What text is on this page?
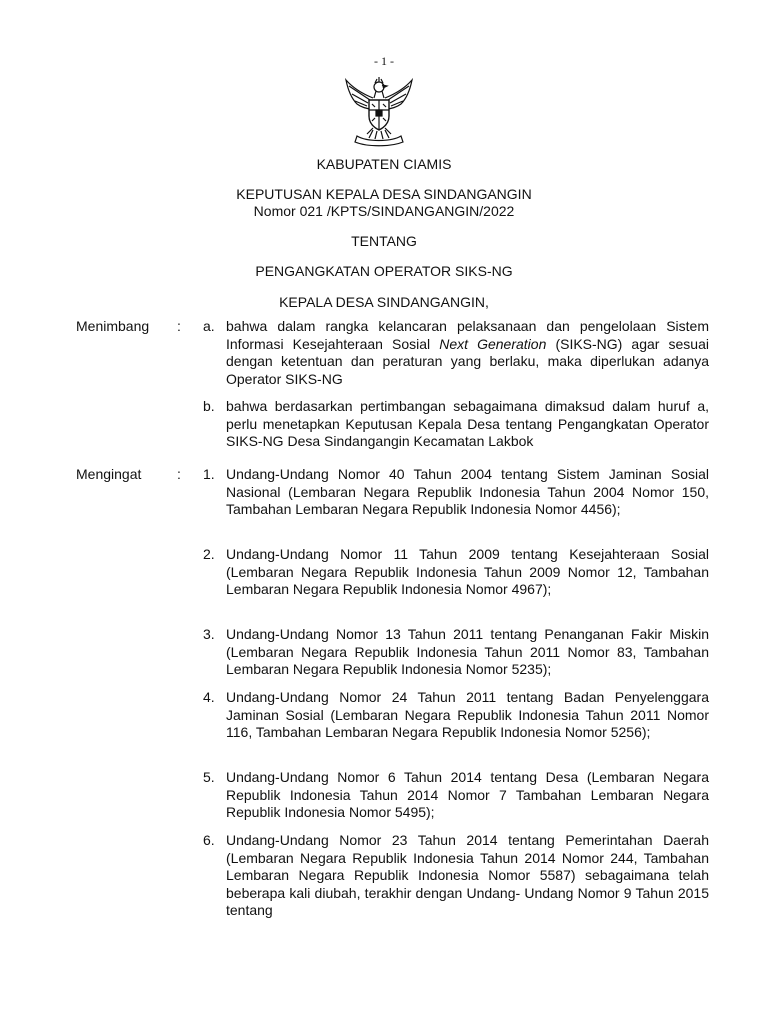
- 1 -
KABUPATEN CIAMIS
KEPUTUSAN KEPALA DESA SINDANGANGIN
Nomor 021 /KPTS/SINDANGANGIN/2022
TENTANG
PENGANGKATAN OPERATOR SIKS-NG
KEPALA DESA SINDANGANGIN,
Menimbang : a. bahwa dalam rangka kelancaran pelaksanaan dan pengelolaan Sistem Informasi Kesejahteraan Sosial Next Generation (SIKS-NG) agar sesuai dengan ketentuan dan peraturan yang berlaku, maka diperlukan adanya Operator SIKS-NG
b. bahwa berdasarkan pertimbangan sebagaimana dimaksud dalam huruf a, perlu menetapkan Keputusan Kepala Desa tentang Pengangkatan Operator SIKS-NG Desa Sindangangin Kecamatan Lakbok
Mengingat	: 1. Undang-Undang Nomor 40 Tahun 2004 tentang Sistem Jaminan Sosial Nasional (Lembaran Negara Republik Indonesia Tahun 2004 Nomor 150, Tambahan Lembaran Negara Republik Indonesia Nomor 4456);
2. Undang-Undang Nomor 11 Tahun 2009 tentang Kesejahteraan Sosial (Lembaran Negara Republik Indonesia Tahun 2009 Nomor 12, Tambahan Lembaran Negara Republik Indonesia Nomor 4967);
3. Undang-Undang Nomor 13 Tahun 2011 tentang Penanganan Fakir Miskin (Lembaran Negara Republik Indonesia Tahun 2011 Nomor 83, Tambahan Lembaran Negara Republik Indonesia Nomor 5235);
4. Undang-Undang Nomor 24 Tahun 2011 tentang Badan Penyelenggara Jaminan Sosial (Lembaran Negara Republik Indonesia Tahun 2011 Nomor 116, Tambahan Lembaran Negara Republik Indonesia Nomor 5256);
5. Undang-Undang Nomor 6 Tahun 2014 tentang Desa (Lembaran Negara Republik Indonesia Tahun 2014 Nomor 7 Tambahan Lembaran Negara Republik Indonesia Nomor 5495);
6. Undang-Undang Nomor 23 Tahun 2014 tentang Pemerintahan Daerah (Lembaran Negara Republik Indonesia Tahun 2014 Nomor 244, Tambahan Lembaran Negara Republik Indonesia Nomor 5587) sebagaimana telah beberapa kali diubah, terakhir dengan Undang- Undang Nomor 9 Tahun 2015 tentang
